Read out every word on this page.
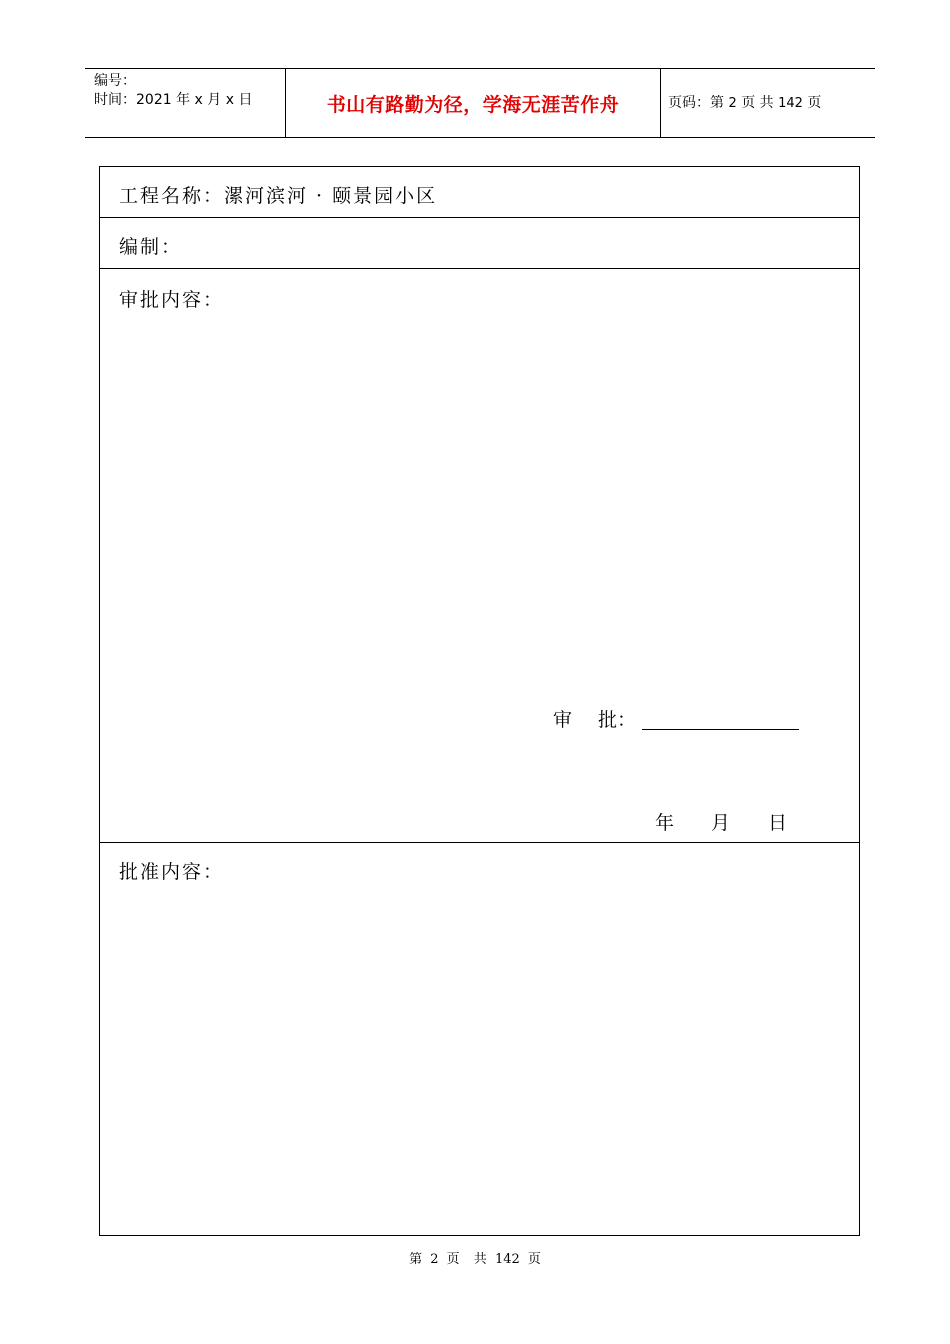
编号：
时间：2021 年 x 月 x 日	书山有路勤为径，学海无涯苦作舟	页码：第 2 页 共 142 页
工程名称：漯河滨河 · 颐景园小区
编制：
审批内容：
审 批：
年 月 日
批准内容：
第 2 页 共 142 页
